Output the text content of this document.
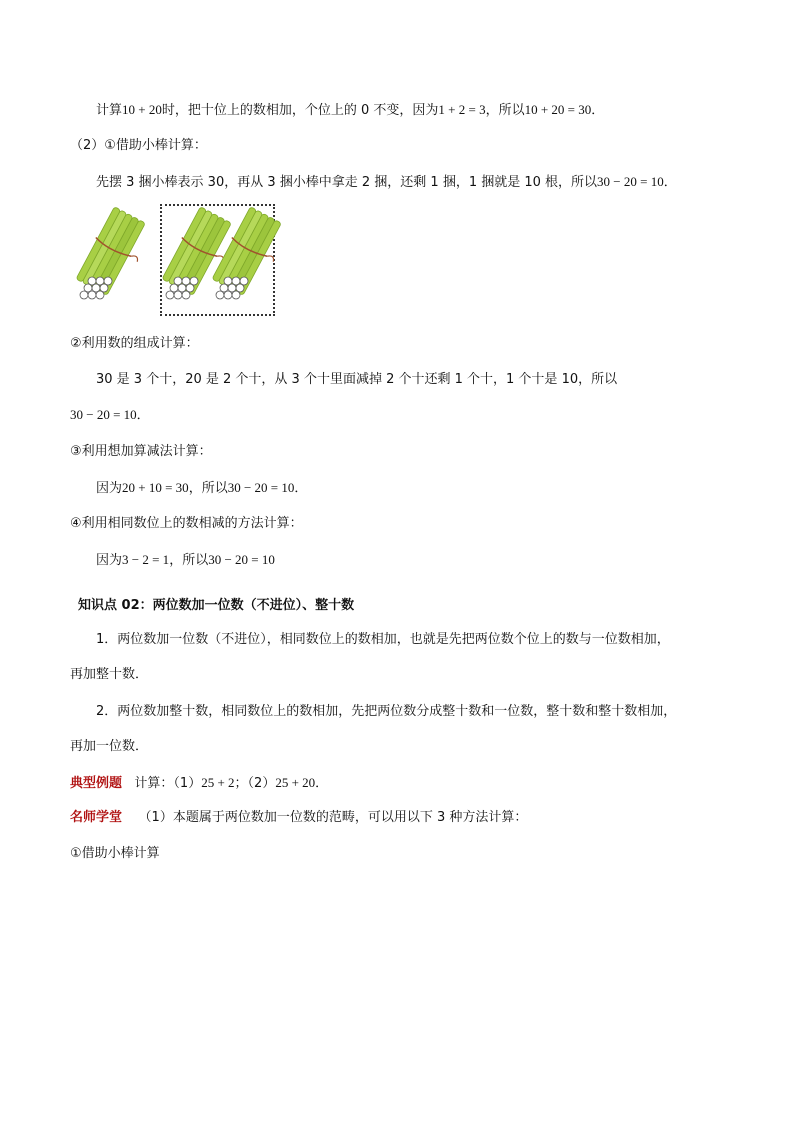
计算10 + 20时，把十位上的数相加，个位上的 0 不变，因为1 + 2 = 3，所以10 + 20 = 30．
（2）①借助小棒计算：
先摆 3 捆小棒表示 30，再从 3 捆小棒中拿走 2 捆，还剩 1 捆，1 捆就是 10 根，所以30 − 20 = 10．
②利用数的组成计算：
30 是 3 个十，20 是 2 个十，从 3 个十里面减掉 2 个十还剩 1 个十，1 个十是 10，所以
30 − 20 = 10．
③利用想加算减法计算：
因为20 + 10 = 30，所以30 − 20 = 10．
④利用相同数位上的数相减的方法计算：
因为3 − 2 = 1，所以30 − 20 = 10
知识点 02：两位数加一位数（不进位）、整十数
1．两位数加一位数（不进位），相同数位上的数相加，也就是先把两位数个位上的数与一位数相加，
再加整十数．
2．两位数加整十数，相同数位上的数相加，先把两位数分成整十数和一位数，整十数和整十数相加，
再加一位数．
典型例题 计算：（1）25 + 2；（2）25 + 20．
名师学堂 （1）本题属于两位数加一位数的范畴，可以用以下 3 种方法计算：
①借助小棒计算
